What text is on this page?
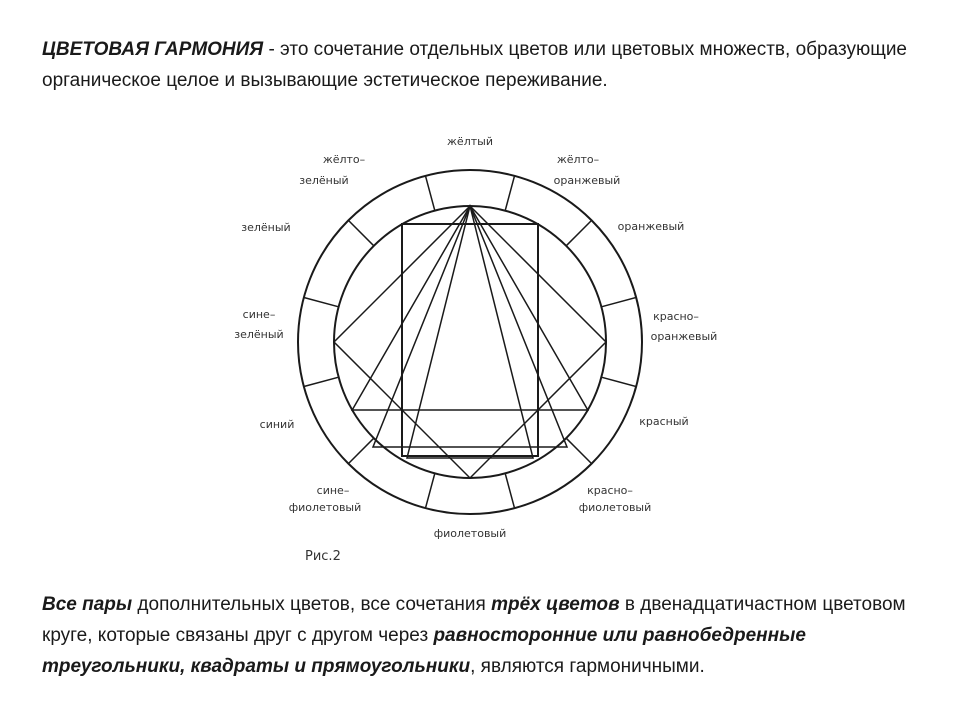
ЦВЕТОВАЯ ГАРМОНИЯ - это сочетание отдельных цветов или цветовых множеств, образующие органическое целое и вызывающие эстетическое переживание.
жёлтый
жёлто–
оранжевый
оранжевый
красно–
оранжевый
красный
красно–
фиолетовый
фиолетовый
сине–
фиолетовый
синий
сине–
зелёный
зелёный
жёлто–
зелёный
Рис.2
Все пары дополнительных цветов, все сочетания трёх цветов в двенадцатичастном цветовом круге, которые связаны друг с другом через равносторонние или равнобедренные треугольники, квадраты и прямоугольники, являются гармоничными.
